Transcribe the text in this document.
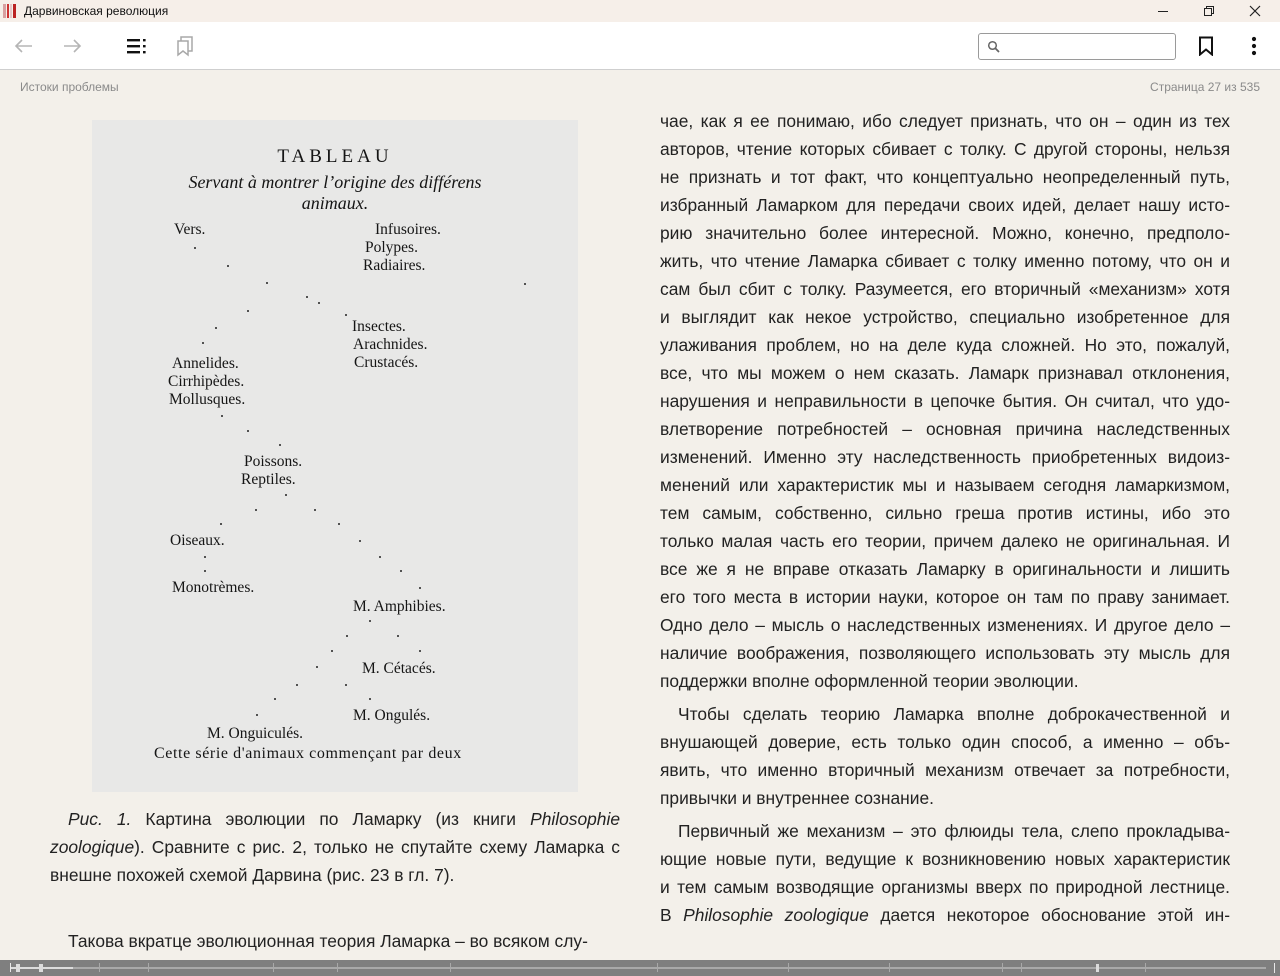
Дарвиновская революция
Истоки проблемы	Страница 27 из 535
TABLEAU
Servant à montrer l’origine des différens
animaux.
Vers.	Infusoires.
Polypes.
Radiaires.
Insectes.
Arachnides.
Crustacés.
Annelides.
Cirrhipèdes.
Mollusques.
Poissons.
Reptiles.
Oiseaux.
Monotrèmes.
M. Amphibies.
M. Cétacés.
M. Ongulés.
M. Onguiculés.
Cette série d'animaux commençant par deux

Рис. 1. Картина эволюции по Ламарку (из книги Philosophie zoologique). Сравните с рис. 2, только не спутайте схему Ламарка с внешне похожей схемой Дарвина (рис. 23 в гл. 7).

Такова вкратце эволюционная теория Ламарка – во всяком слу-
чае, как я ее понимаю, ибо следует признать, что он – один из тех
авторов, чтение которых сбивает с толку. С другой стороны, нельзя
не признать и тот факт, что концептуально неопределенный путь,
избранный Ламарком для передачи своих идей, делает нашу исто-
рию значительно более интересной. Можно, конечно, предполо-
жить, что чтение Ламарка сбивает с толку именно потому, что он и
сам был сбит с толку. Разумеется, его вторичный «механизм» хотя
и выглядит как некое устройство, специально изобретенное для
улаживания проблем, но на деле куда сложней. Но это, пожалуй,
все, что мы можем о нем сказать. Ламарк признавал отклонения,
нарушения и неправильности в цепочке бытия. Он считал, что удо-
влетворение потребностей – основная причина наследственных
изменений. Именно эту наследственность приобретенных видоиз-
менений или характеристик мы и называем сегодня ламаркизмом,
тем самым, собственно, сильно греша против истины, ибо это
только малая часть его теории, причем далеко не оригинальная. И
все же я не вправе отказать Ламарку в оригинальности и лишить
его того места в истории науки, которое он там по праву занимает.
Одно дело – мысль о наследственных изменениях. И другое дело –
наличие воображения, позволяющего использовать эту мысль для
поддержки вполне оформленной теории эволюции.
Чтобы сделать теорию Ламарка вполне доброкачественной и
внушающей доверие, есть только один способ, а именно – объ-
явить, что именно вторичный механизм отвечает за потребности,
привычки и внутреннее сознание.
Первичный же механизм – это флюиды тела, слепо прокладыва-
ющие новые пути, ведущие к возникновению новых характеристик
и тем самым возводящие организмы вверх по природной лестнице.
В Philosophie zoologique дается некоторое обоснование этой ин-
